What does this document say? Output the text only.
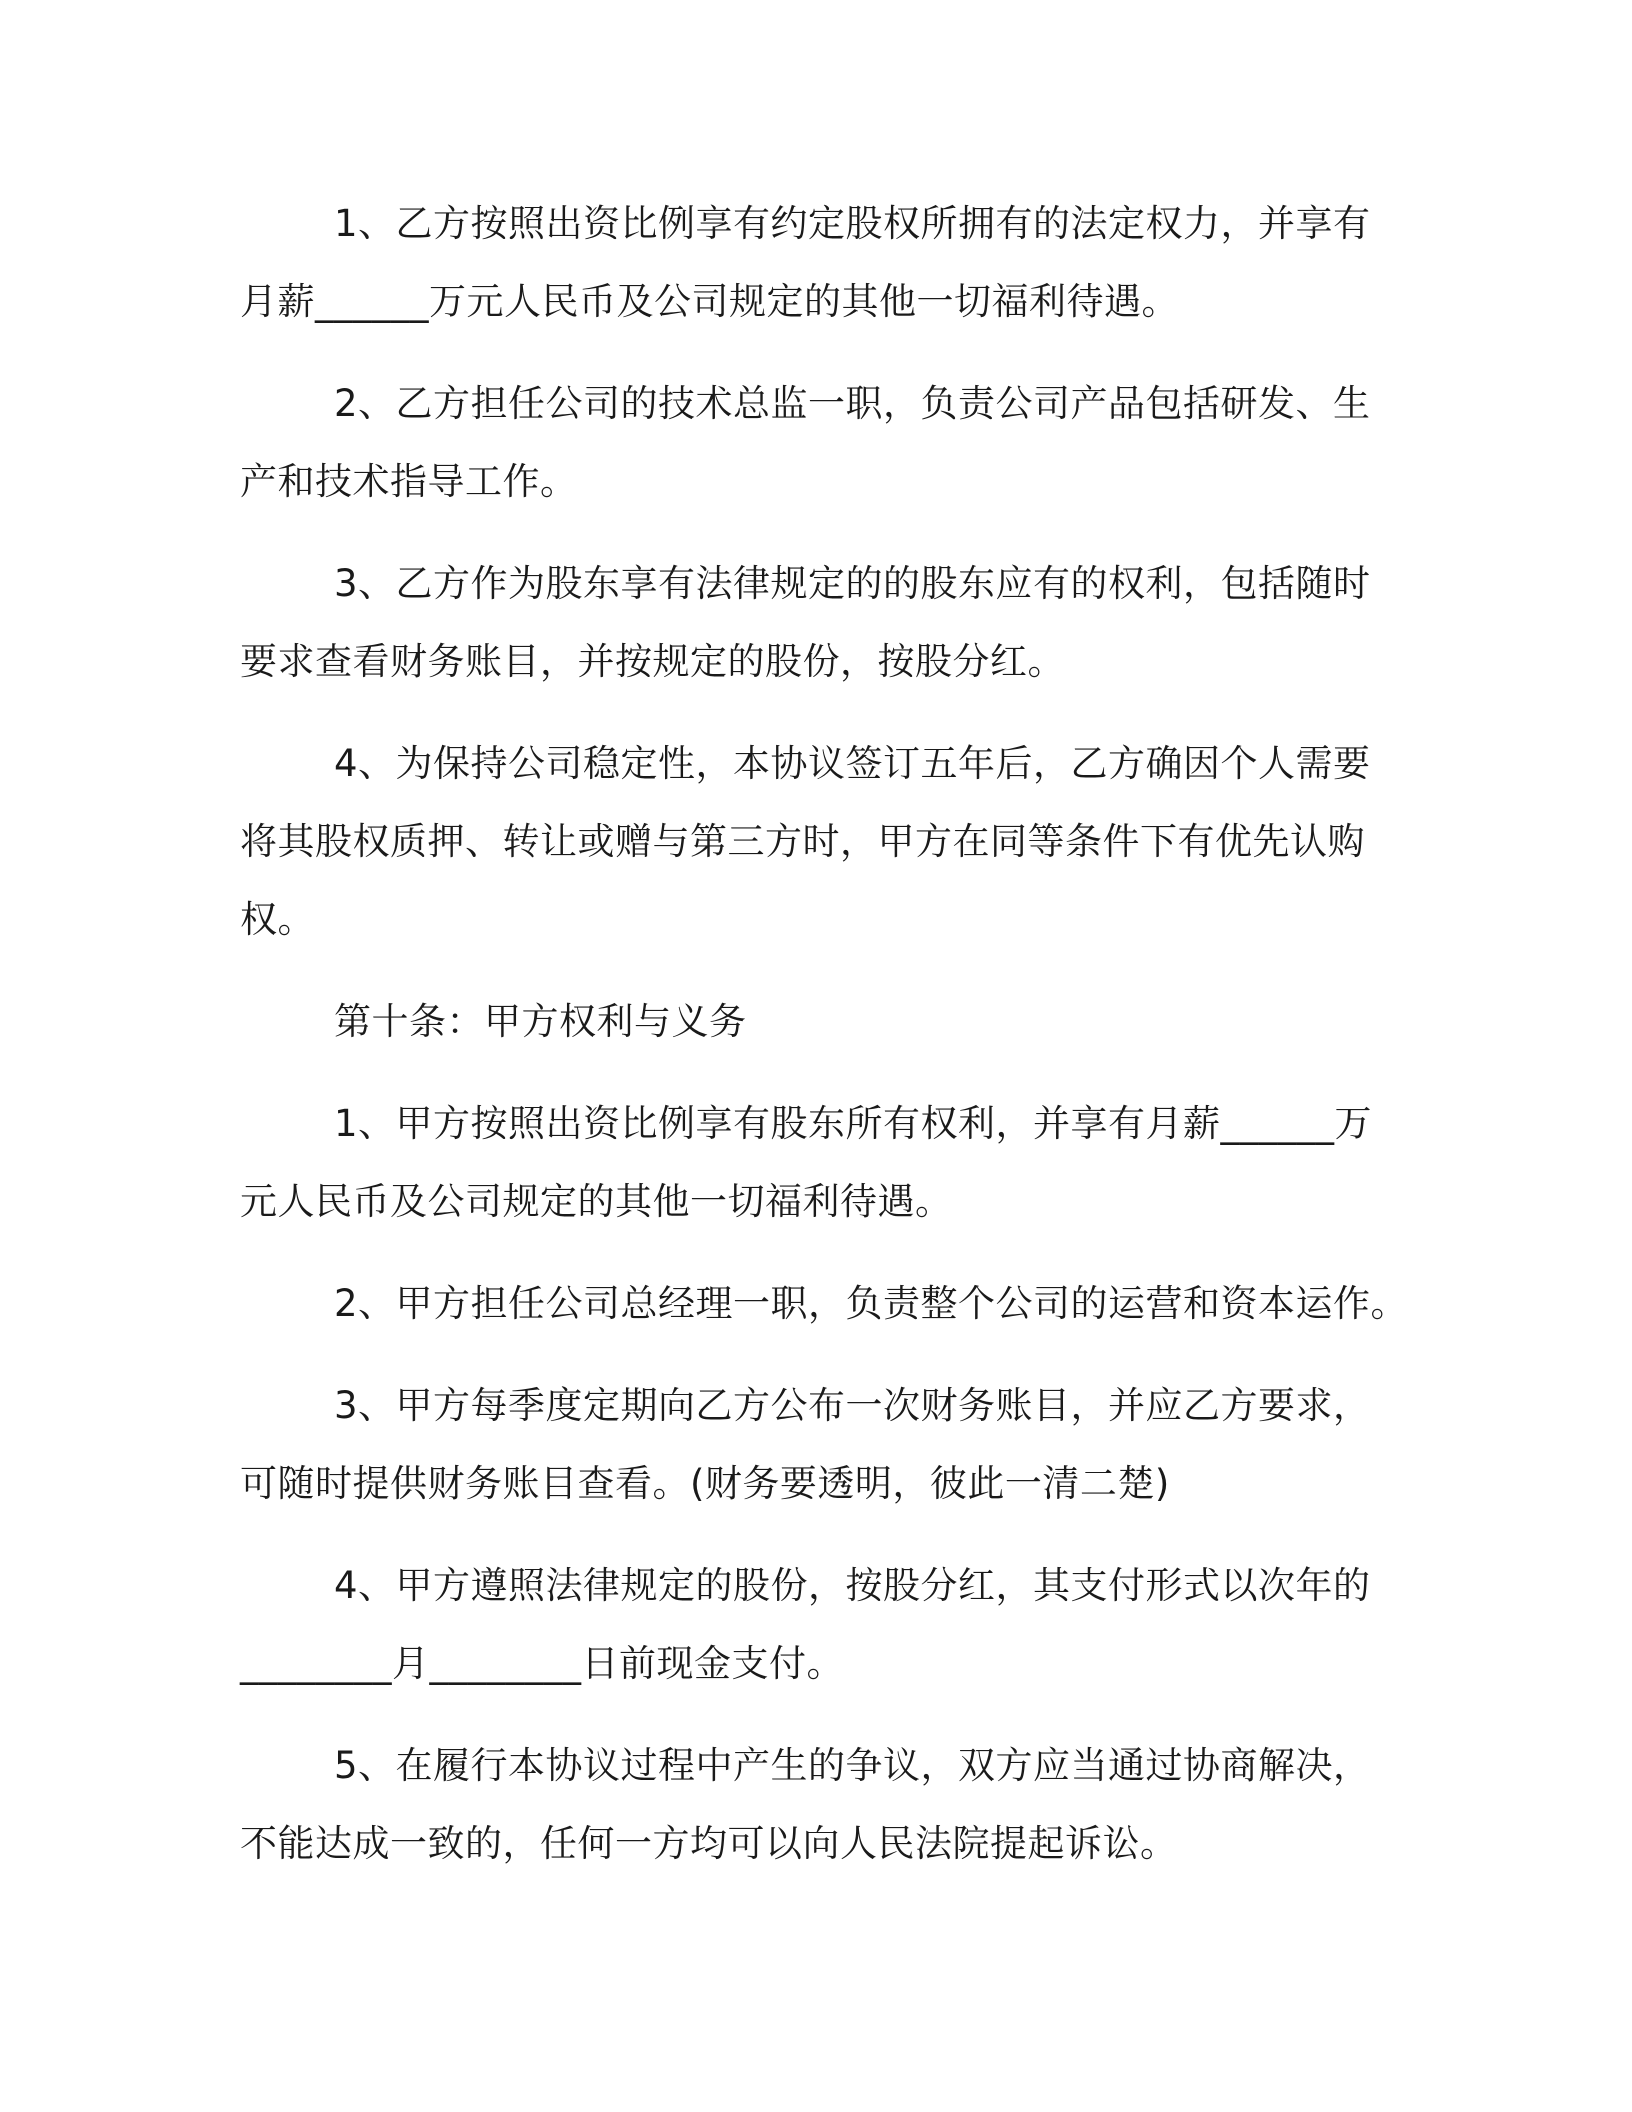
1、乙方按照出资比例享有约定股权所拥有的法定权力，并享有
月薪______万元人民币及公司规定的其他一切福利待遇。

2、乙方担任公司的技术总监一职，负责公司产品包括研发、生
产和技术指导工作。

3、乙方作为股东享有法律规定的的股东应有的权利，包括随时
要求查看财务账目，并按规定的股份，按股分红。

4、为保持公司稳定性，本协议签订五年后，乙方确因个人需要
将其股权质押、转让或赠与第三方时，甲方在同等条件下有优先认购
权。

第十条：甲方权利与义务

1、甲方按照出资比例享有股东所有权利，并享有月薪______万
元人民币及公司规定的其他一切福利待遇。

2、甲方担任公司总经理一职，负责整个公司的运营和资本运作。

3、甲方每季度定期向乙方公布一次财务账目，并应乙方要求，
可随时提供财务账目查看。(财务要透明，彼此一清二楚)

4、甲方遵照法律规定的股份，按股分红，其支付形式以次年的
________月________日前现金支付。

5、在履行本协议过程中产生的争议，双方应当通过协商解决，
不能达成一致的，任何一方均可以向人民法院提起诉讼。
